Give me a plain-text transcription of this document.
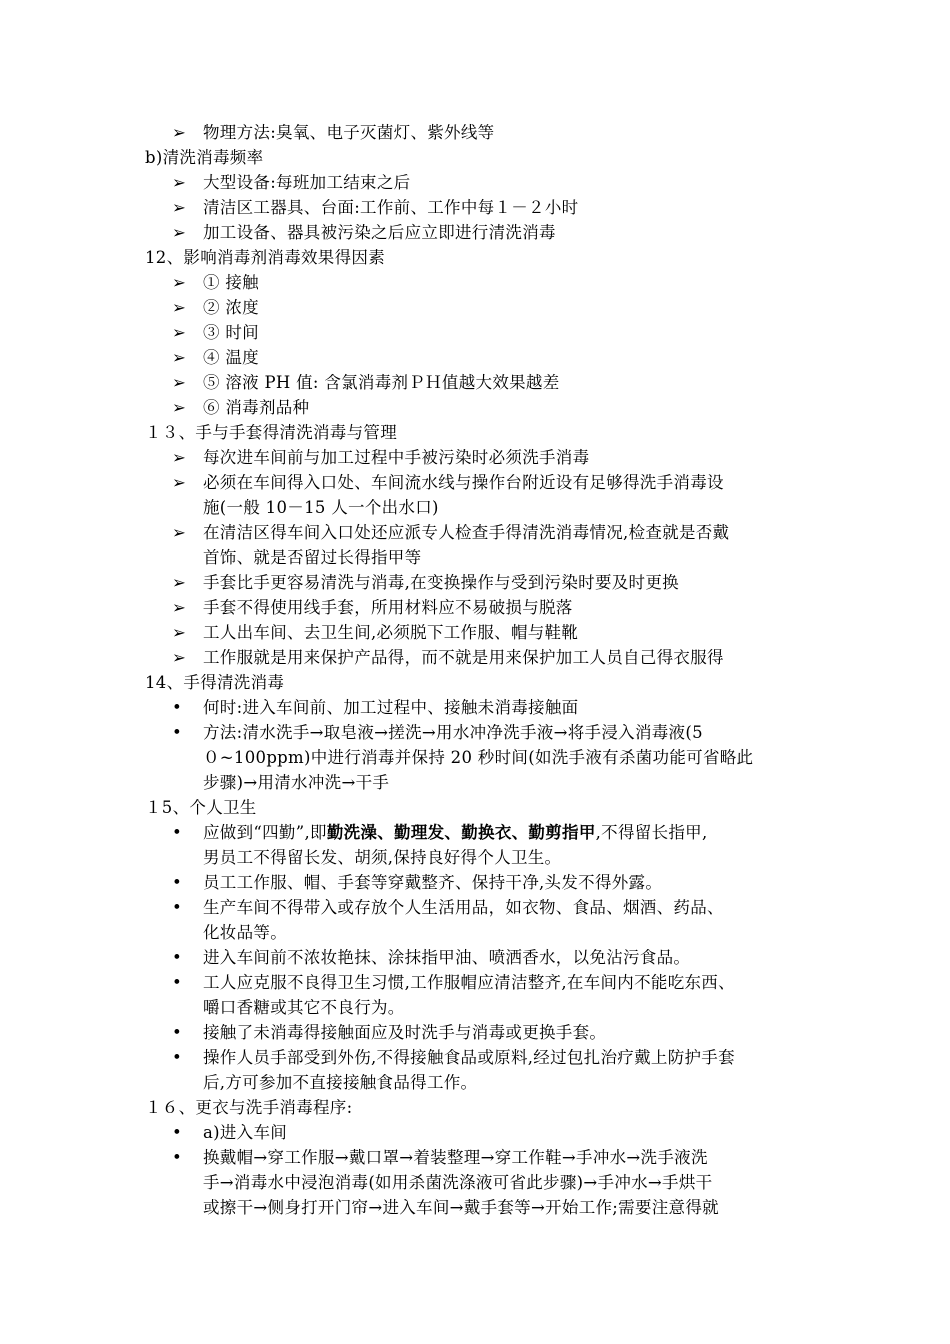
➢ 物理方法:臭氧、电子灭菌灯、紫外线等
b)清洗消毒频率
➢ 大型设备:每班加工结束之后
➢ 清洁区工器具、台面:工作前、工作中每１－２小时
➢ 加工设备、器具被污染之后应立即进行清洗消毒
12、影响消毒剂消毒效果得因素
➢ ① 接触
➢ ② 浓度
➢ ③ 时间
➢ ④ 温度
➢ ⑤ 溶液 PH 值: 含氯消毒剂ＰＨ值越大效果越差
➢ ⑥ 消毒剂品种
１３、手与手套得清洗消毒与管理
➢ 每次进车间前与加工过程中手被污染时必须洗手消毒
➢ 必须在车间得入口处、车间流水线与操作台附近设有足够得洗手消毒设
施(一般 10－15 人一个出水口)
➢ 在清洁区得车间入口处还应派专人检查手得清洗消毒情况,检查就是否戴
首饰、就是否留过长得指甲等
➢ 手套比手更容易清洗与消毒,在变换操作与受到污染时要及时更换
➢ 手套不得使用线手套，所用材料应不易破损与脱落
➢ 工人出车间、去卫生间,必须脱下工作服、帽与鞋靴
➢ 工作服就是用来保护产品得，而不就是用来保护加工人员自己得衣服得
14、手得清洗消毒
•	何时:进入车间前、加工过程中、接触未消毒接触面
•	方法:清水洗手→取皂液→搓洗→用水冲净洗手液→将手浸入消毒液(5
０~100ppm)中进行消毒并保持 20 秒时间(如洗手液有杀菌功能可省略此
步骤)→用清水冲洗→干手
１5、个人卫生
•	应做到“四勤”,即勤洗澡、勤理发、勤换衣、勤剪指甲,不得留长指甲,
男员工不得留长发、胡须,保持良好得个人卫生。
•	员工工作服、帽、手套等穿戴整齐、保持干净,头发不得外露。
•	生产车间不得带入或存放个人生活用品，如衣物、食品、烟酒、药品、
化妆品等。
•	进入车间前不浓妆艳抹、涂抹指甲油、喷洒香水，以免沾污食品。
•	工人应克服不良得卫生习惯,工作服帽应清洁整齐,在车间内不能吃东西、
嚼口香糖或其它不良行为。
•	接触了未消毒得接触面应及时洗手与消毒或更换手套。
•	操作人员手部受到外伤,不得接触食品或原料,经过包扎治疗戴上防护手套
后,方可参加不直接接触食品得工作。
１６、更衣与洗手消毒程序:
•	a)进入车间
•	换戴帽→穿工作服→戴口罩→着装整理→穿工作鞋→手冲水→洗手液洗
手→消毒水中浸泡消毒(如用杀菌洗涤液可省此步骤)→手冲水→手烘干
或擦干→侧身打开门帘→进入车间→戴手套等→开始工作;需要注意得就
